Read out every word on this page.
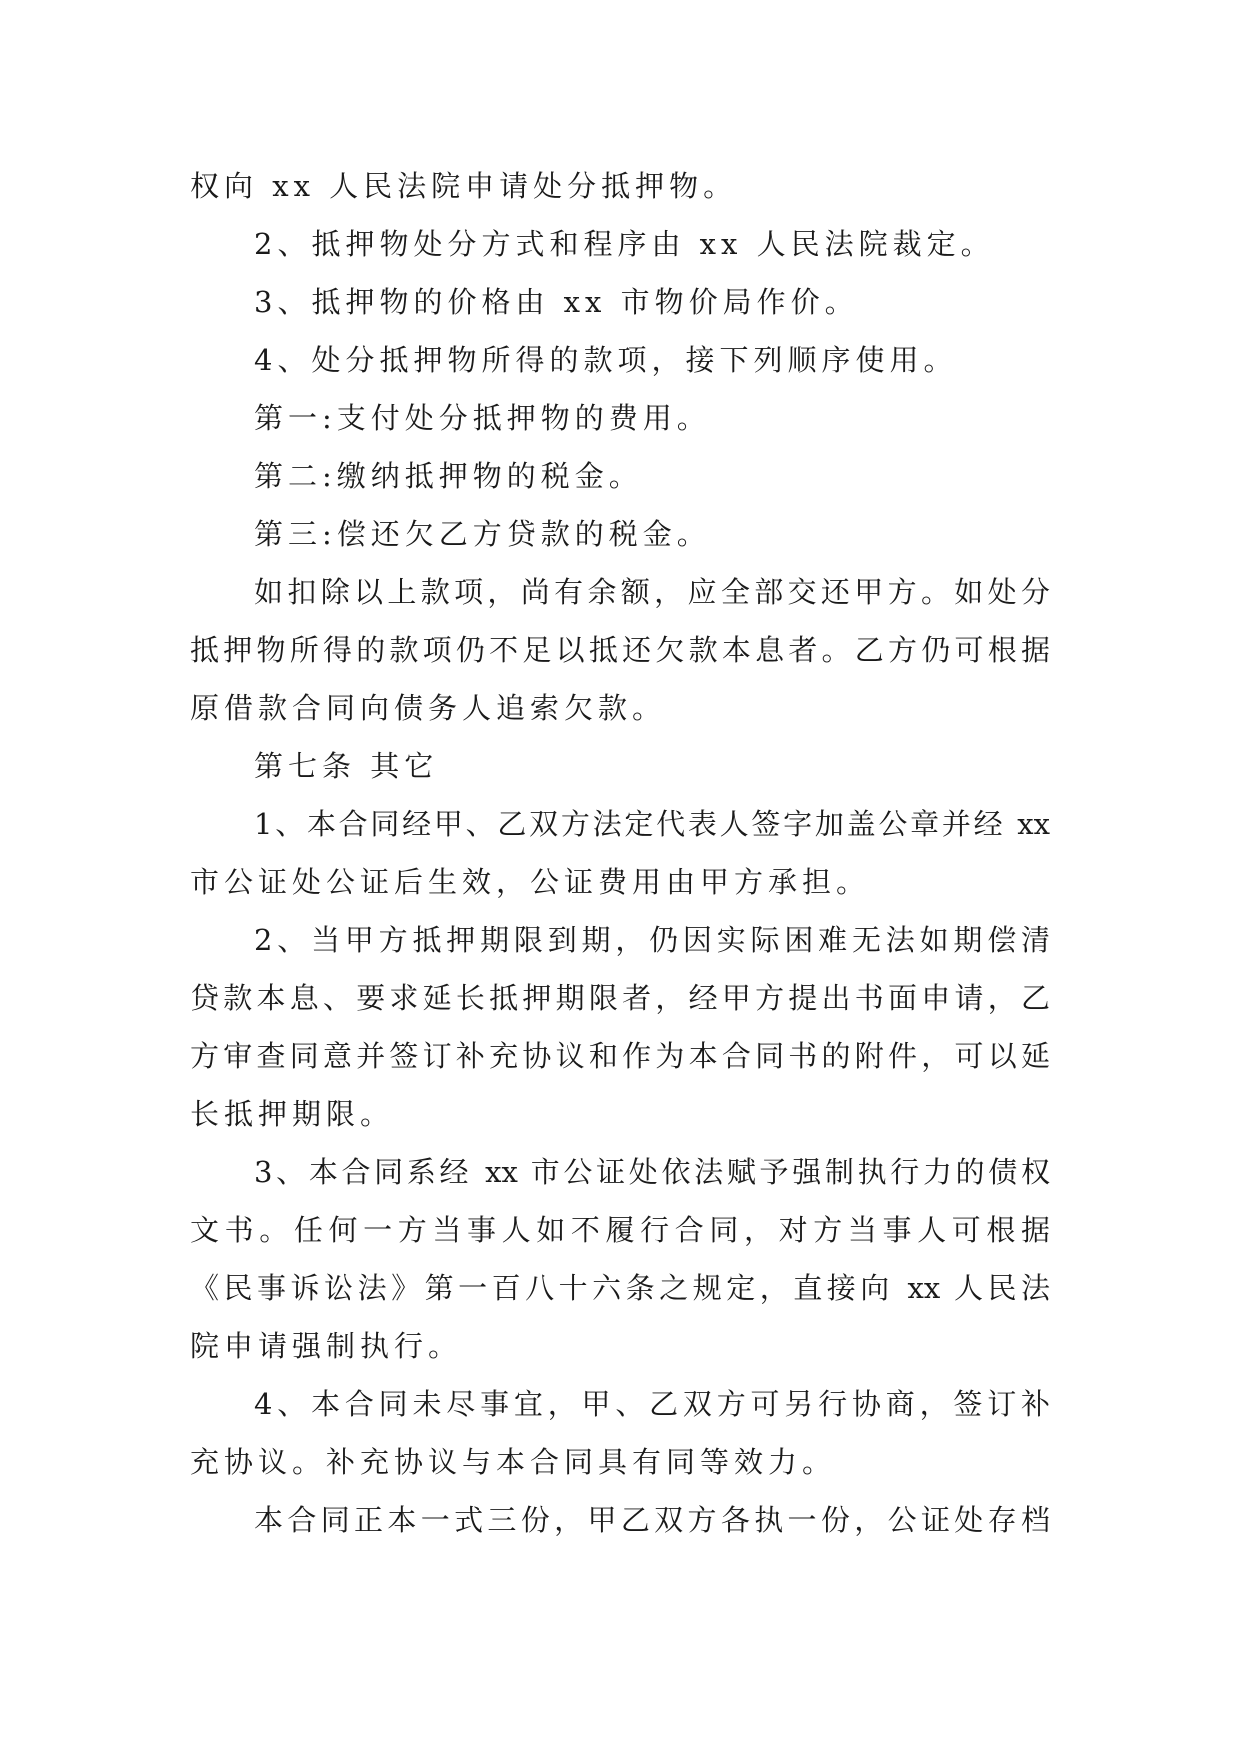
权向 xx 人民法院申请处分抵押物。
2、抵押物处分方式和程序由 xx 人民法院裁定。
3、抵押物的价格由 xx 市物价局作价。
4、处分抵押物所得的款项，接下列顺序使用。
第一:支付处分抵押物的费用。
第二:缴纳抵押物的税金。
第三:偿还欠乙方贷款的税金。
如扣除以上款项，尚有余额，应全部交还甲方。如处分
抵押物所得的款项仍不足以抵还欠款本息者。乙方仍可根据
原借款合同向债务人追索欠款。
第七条 其它
1、本合同经甲、乙双方法定代表人签字加盖公章并经 xx
市公证处公证后生效，公证费用由甲方承担。
2、当甲方抵押期限到期，仍因实际困难无法如期偿清
贷款本息、要求延长抵押期限者，经甲方提出书面申请，乙
方审查同意并签订补充协议和作为本合同书的附件，可以延
长抵押期限。
3、本合同系经 xx 市公证处依法赋予强制执行力的债权
文书。任何一方当事人如不履行合同，对方当事人可根据
《民事诉讼法》第一百八十六条之规定，直接向 xx 人民法
院申请强制执行。
4、本合同未尽事宜，甲、乙双方可另行协商，签订补
充协议。补充协议与本合同具有同等效力。
本合同正本一式三份，甲乙双方各执一份，公证处存档
